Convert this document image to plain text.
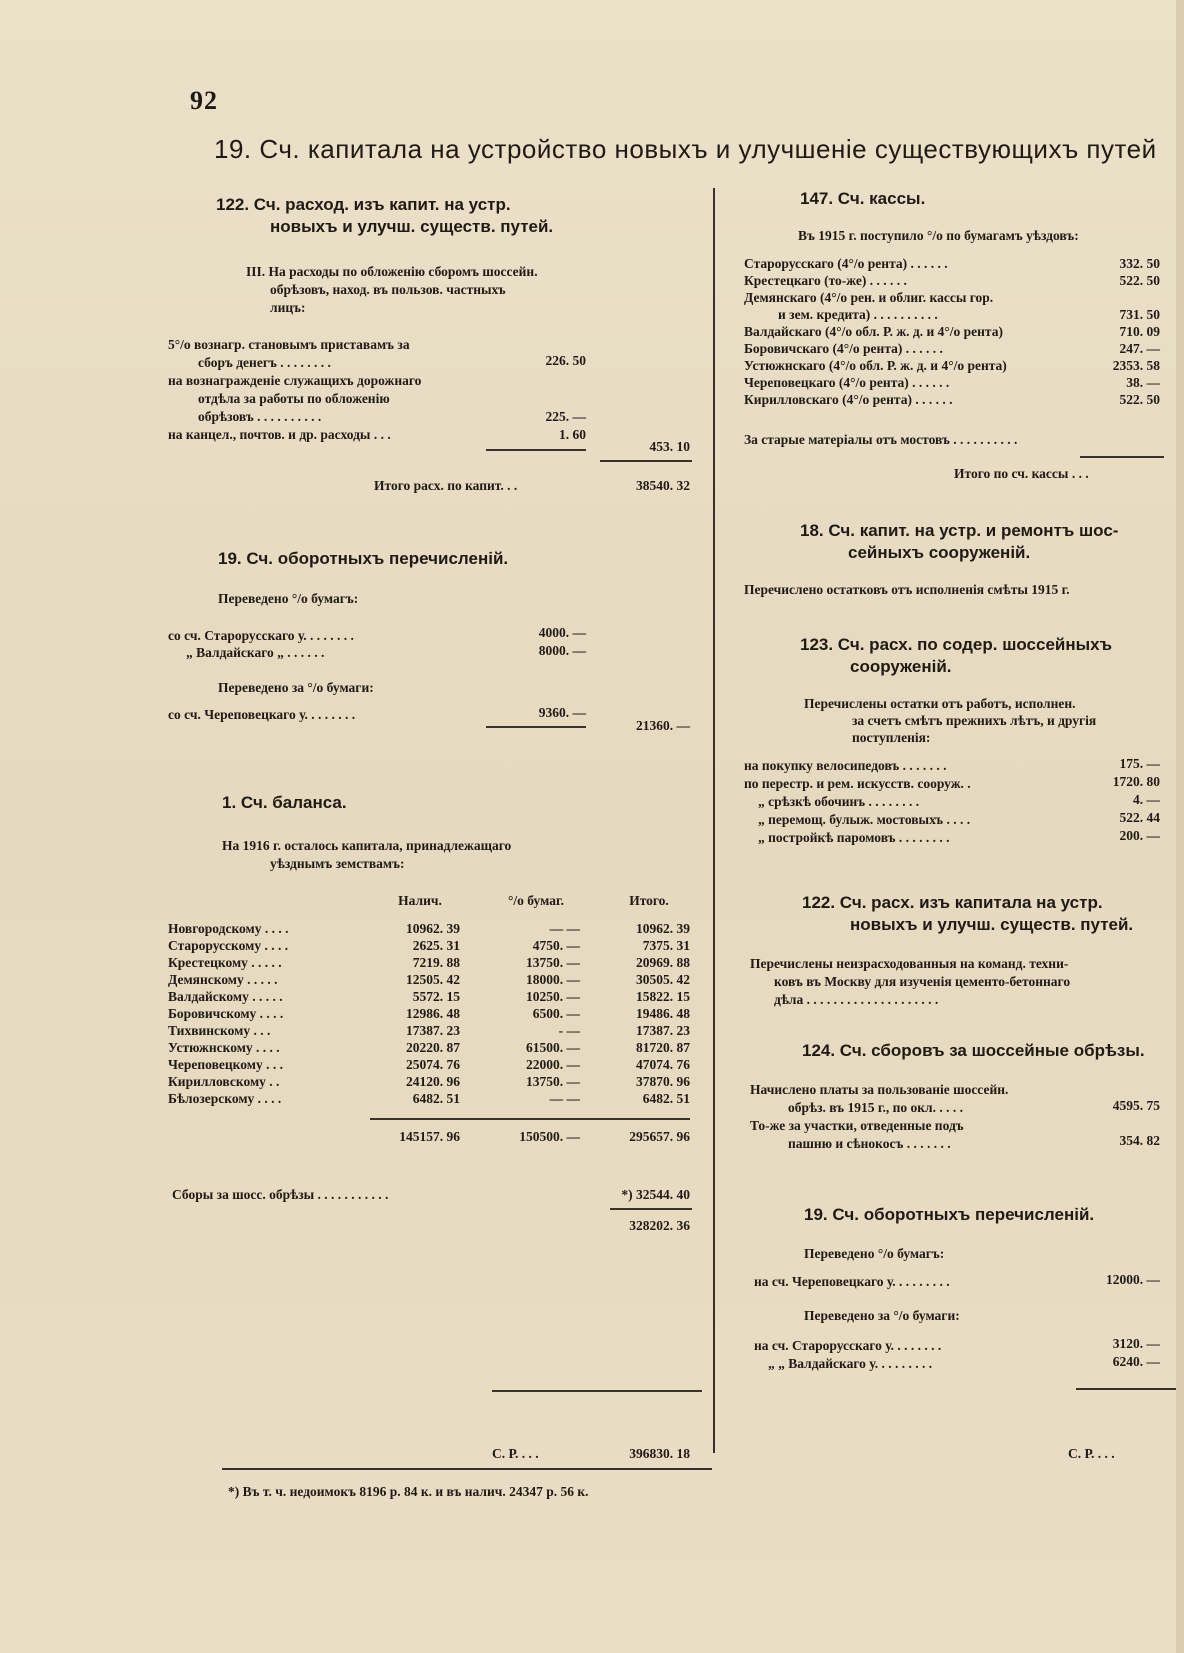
92
19. Сч. капитала на устройство новыхъ и улучшеніе существующихъ путей
122. Сч. расход. изъ капит. на устр.
новыхъ и улучш. существ. путей.
III. На расходы по обложенію сборомъ шоссейн.
обрѣзовъ, наход. въ пользов. частныхъ
лицъ:
5°/о вознагр. становымъ приставамъ за
сборъ денегъ . . . . . . . .	226. 50
на вознагражденіе служащихъ дорожнаго
отдѣла за работы по обложенію
обрѣзовъ . . . . . . . . . .	225. —
на канцел., почтов. и др. расходы . . .	1. 60
453. 10
Итого расх. по капит. . .	38540. 32
19. Сч. оборотныхъ перечисленій.
Переведено °/о бумагъ:
со сч. Староруcскаго у. . . . . . . .	4000. —
„ Валдайскаго „ . . . . . .	8000. —
Переведено за °/о бумаги:
со сч. Череповецкаго у. . . . . . . .	9360. —
21360. —
1. Сч. баланса.
На 1916 г. осталось капитала, принадлежащаго
уѣзднымъ земствамъ:
Налич.	°/о бумаг.	Итого.
Новгородскому . . . .	10962. 39	— —	10962. 39
Старорусскому . . . .	2625. 31	4750. —	7375. 31
Крестецкому . . . . .	7219. 88	13750. —	20969. 88
Демянскому . . . . .	12505. 42	18000. —	30505. 42
Валдайскому . . . . .	5572. 15	10250. —	15822. 15
Боровичскому . . . .	12986. 48	6500. —	19486. 48
Тихвинскому . . .	17387. 23	- —	17387. 23
Устюжнскому . . . .	20220. 87	61500. —	81720. 87
Череповецкому . . .	25074. 76	22000. —	47074. 76
Кирилловскому . .	24120. 96	13750. —	37870. 96
Бѣлозерскому . . . .	6482. 51	— —	6482. 51
145157. 96	150500. —	295657. 96
Сборы за шосс. обрѣзы . . . . . . . . . . .	*) 32544. 40
328202. 36
С. Р. . . .	396830. 18
*) Въ т. ч. недоимокъ 8196 р. 84 к. и въ налич. 24347 р. 56 к.
147. Сч. кассы.
Въ 1915 г. поступило °/о по бумагамъ уѣздовъ:
Старорусскаго (4°/о рента) . . . . . .	332. 50
Крестецкаго (то-же) . . . . . .	522. 50
Демянскаго (4°/о рен. и облиг. кассы гор.
и зем. кредита) . . . . . . . . . .	731. 50
Валдайскаго (4°/о обл. Р. ж. д. и 4°/о рента)	710. 09
Боровичскаго (4°/о рента) . . . . . .	247. —
Устюжнскаго (4°/о обл. Р. ж. д. и 4°/о рента)	2353. 58
Череповецкаго (4°/о рента) . . . . . .	38. —
Кирилловскаго (4°/о рента) . . . . . .	522. 50
За старые матеріалы отъ мостовъ . . . . . . . . . .
Итого по сч. кассы . . .
18. Сч. капит. на устр. и ремонтъ шос-
сейныхъ сооруженій.
Перечислено остатковъ отъ исполненія смѣты 1915 г.
123. Сч. расх. по содер. шоссейныхъ
сооруженій.
Перечислены остатки отъ работъ, исполнен.
за счетъ смѣтъ прежнихъ лѣтъ, и другія
поступленія:
на покупку велосипедовъ . . . . . . .	175. —
по перестр. и рем. искусств. сооруж. .	1720. 80
„ срѣзкѣ обочинъ . . . . . . . .	4. —
„ перемощ. булыж. мостовыхъ . . . .	522. 44
„ постройкѣ паромовъ . . . . . . . .	200. —
122. Сч. расх. изъ капитала на устр.
новыхъ и улучш. существ. путей.
Перечислены неизрасходованныя на команд. техни-
ковъ въ Москву для изученія цементо-бетоннаго
дѣла . . . . . . . . . . . . . . . . . . . .
124. Сч. сборовъ за шоссейные обрѣзы.
Начислено платы за пользованіе шоссейн.
обрѣз. въ 1915 г., по окл. . . . .	4595. 75
То-же за участки, отведенные подъ
пашню и сѣнокосъ . . . . . . .	354. 82
19. Сч. оборотныхъ перечисленій.
Переведено °/о бумагъ:
на сч. Череповецкаго у. . . . . . . . .	12000. —
Переведено за °/о бумаги:
на сч. Старорусскаго у. . . . . . . .	3120. —
„ „ Валдайскаго у. . . . . . . . .	6240. —
С. Р. . . .
